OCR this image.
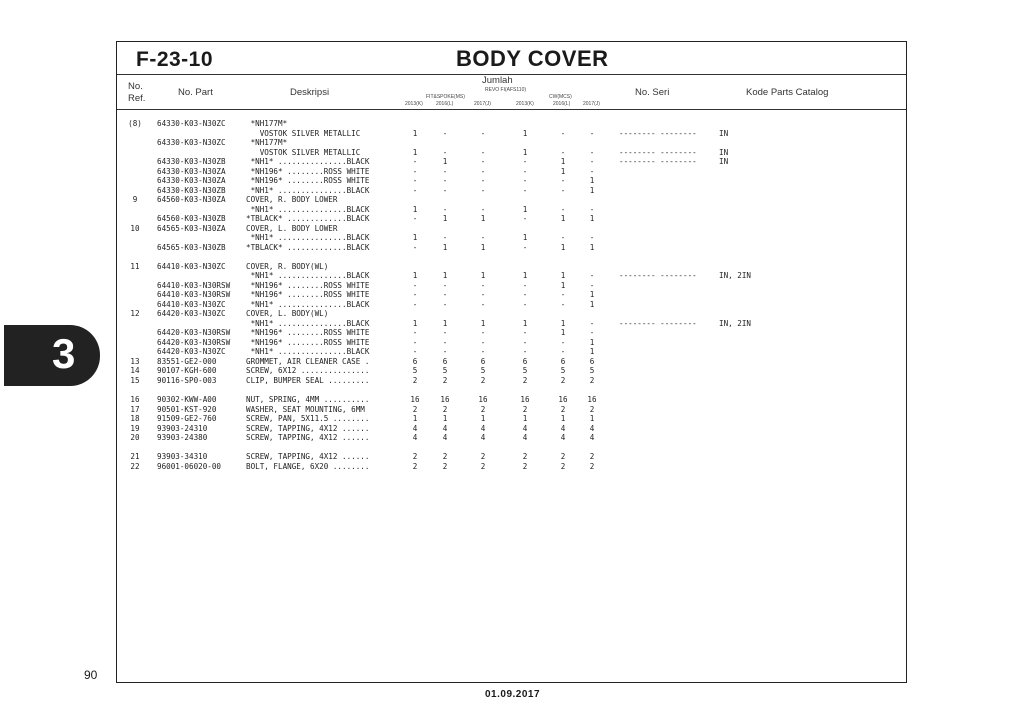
F-23-10	BODY COVER
No.
Ref.
No. Part	Deskripsi
Jumlah
REVO FI(AFS110)
FIT&SPOKE(MS)	CW(MCS)
2013(K)	2016(L)	2017(J)	2013(K)	2016(L)	2017(J)
No. Seri	Kode Parts Catalog
(8)	64330-K03-N30ZC	*NH177M*
VOSTOK SILVER METALLIC	1	-	-	1	-	-	-------- --------	IN
64330-K03-N30ZC	*NH177M*
VOSTOK SILVER METALLIC	1	-	-	1	-	-	-------- --------	IN
64330-K03-N30ZB	*NH1* ...............BLACK	-	1	-	-	1	-	-------- --------	IN
64330-K03-N30ZA	*NH196* ........ROSS WHITE	-	-	-	-	1	-
64330-K03-N30ZA	*NH196* ........ROSS WHITE	-	-	-	-	-	1
64330-K03-N30ZB	*NH1* ...............BLACK	-	-	-	-	-	1
9	64560-K03-N30ZA	COVER, R. BODY LOWER
*NH1* ...............BLACK	1	-	-	1	-	-
64560-K03-N30ZB	*TBLACK* .............BLACK	-	1	1	-	1	1
10	64565-K03-N30ZA	COVER, L. BODY LOWER
*NH1* ...............BLACK	1	-	-	1	-	-
64565-K03-N30ZB	*TBLACK* .............BLACK	-	1	1	-	1	1
11	64410-K03-N30ZC	COVER, R. BODY(WL)
*NH1* ...............BLACK	1	1	1	1	1	-	-------- --------	IN, 2IN
64410-K03-N30RSW *NH196* ........ROSS WHITE	-	-	-	-	1	-
64410-K03-N30RSW *NH196* ........ROSS WHITE	-	-	-	-	-	1
64410-K03-N30ZC	*NH1* ...............BLACK	-	-	-	-	-	1
12	64420-K03-N30ZC	COVER, L. BODY(WL)
*NH1* ...............BLACK	1	1	1	1	1	-	-------- --------	IN, 2IN
64420-K03-N30RSW *NH196* ........ROSS WHITE	-	-	-	-	1	-
64420-K03-N30RSW *NH196* ........ROSS WHITE	-	-	-	-	-	1
64420-K03-N30ZC	*NH1* ...............BLACK	-	-	-	-	-	1
13	83551-GE2-000	GROMMET, AIR CLEANER CASE .	6	6	6	6	6	6
14	90107-KGH-600	SCREW, 6X12 ...............	5	5	5	5	5	5
15	90116-SP0-003	CLIP, BUMPER SEAL .........	2	2	2	2	2	2
16	90302-KWW-A00	NUT, SPRING, 4MM ..........	16	16	16	16	16	16
17	90501-KST-920	WASHER, SEAT MOUNTING, 6MM	2	2	2	2	2	2
18	91509-GE2-760	SCREW, PAN, 5X11.5 ........	1	1	1	1	1	1
19	93903-24310	SCREW, TAPPING, 4X12 ......	4	4	4	4	4	4
20	93903-24380	SCREW, TAPPING, 4X12 ......	4	4	4	4	4	4
21	93903-34310	SCREW, TAPPING, 4X12 ......	2	2	2	2	2	2
22	96001-06020-00	BOLT, FLANGE, 6X20 ........	2	2	2	2	2	2
3
90
01.09.2017
